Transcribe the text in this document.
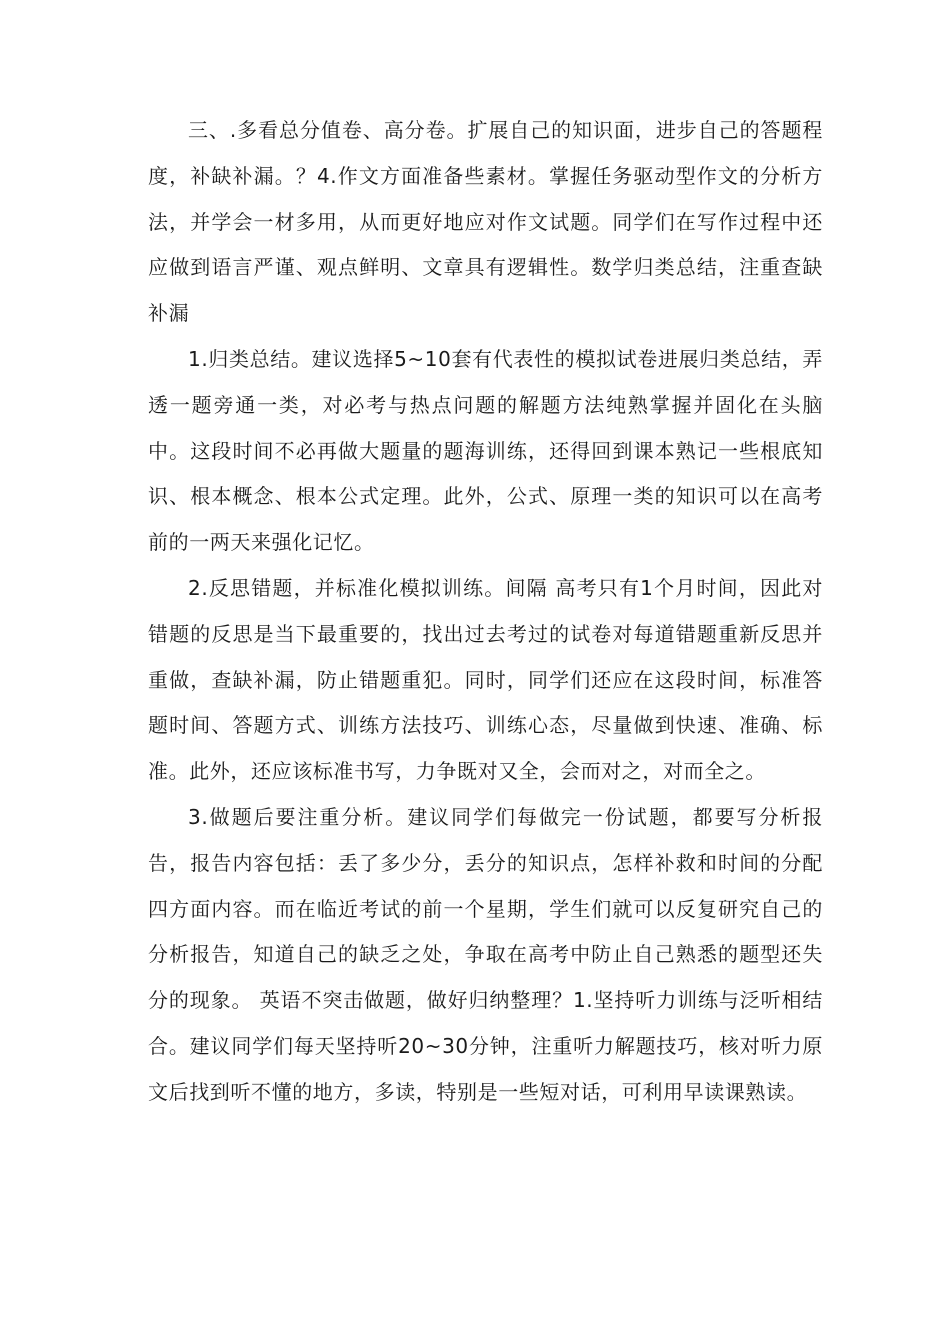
三、.多看总分值卷、高分卷。扩展自己的知识面，进步自己的答题程度，补缺补漏。？4.作文方面准备些素材。掌握任务驱动型作文的分析方法，并学会一材多用，从而更好地应对作文试题。同学们在写作过程中还应做到语言严谨、观点鲜明、文章具有逻辑性。数学归类总结，注重查缺补漏

1.归类总结。建议选择5~10套有代表性的模拟试卷进展归类总结，弄透一题旁通一类，对必考与热点问题的解题方法纯熟掌握并固化在头脑中。这段时间不必再做大题量的题海训练，还得回到课本熟记一些根底知识、根本概念、根本公式定理。此外，公式、原理一类的知识可以在高考前的一两天来强化记忆。

2.反思错题，并标准化模拟训练。间隔 高考只有1个月时间，因此对错题的反思是当下最重要的，找出过去考过的试卷对每道错题重新反思并重做，查缺补漏，防止错题重犯。同时，同学们还应在这段时间，标准答题时间、答题方式、训练方法技巧、训练心态，尽量做到快速、准确、标准。此外，还应该标准书写，力争既对又全，会而对之，对而全之。

3.做题后要注重分析。建议同学们每做完一份试题，都要写分析报告，报告内容包括：丢了多少分，丢分的知识点，怎样补救和时间的分配四方面内容。而在临近考试的前一个星期，学生们就可以反复研究自己的分析报告，知道自己的缺乏之处，争取在高考中防止自己熟悉的题型还失分的现象。 英语不突击做题，做好归纳整理？1.坚持听力训练与泛听相结合。建议同学们每天坚持听20~30分钟，注重听力解题技巧，核对听力原文后找到听不懂的地方，多读，特别是一些短对话，可利用早读课熟读。
